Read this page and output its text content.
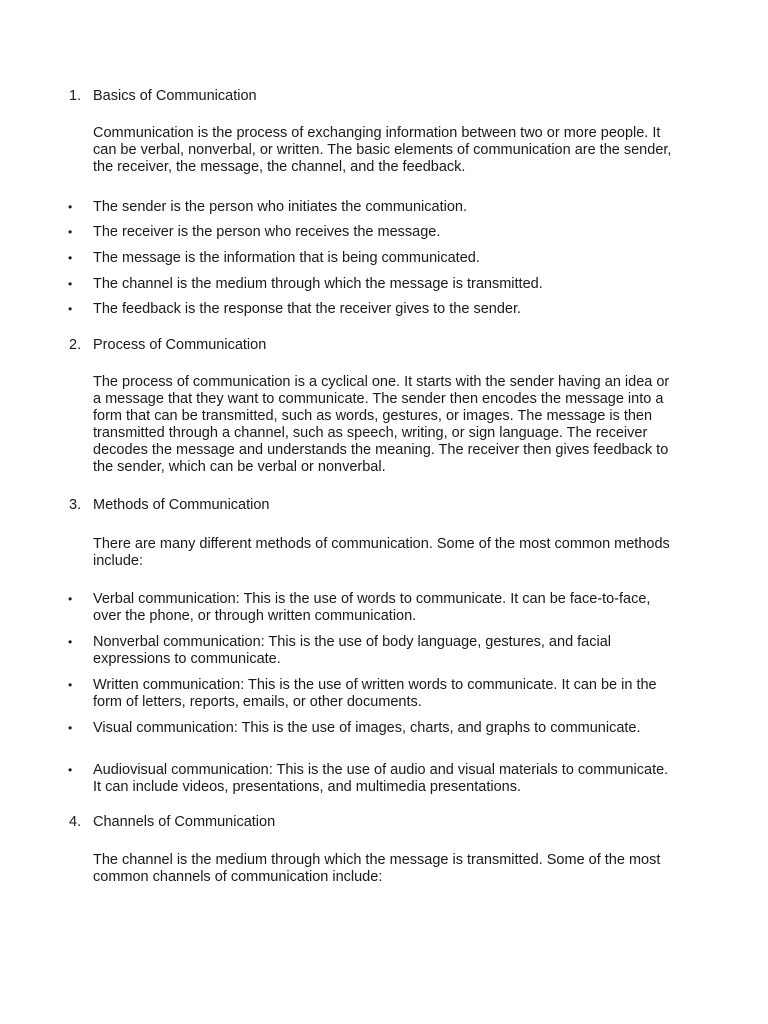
1. Basics of Communication
Communication is the process of exchanging information between two or more people. It can be verbal, nonverbal, or written. The basic elements of communication are the sender, the receiver, the message, the channel, and the feedback.
•	The sender is the person who initiates the communication.
•	The receiver is the person who receives the message.
•	The message is the information that is being communicated.
•	The channel is the medium through which the message is transmitted.
•	The feedback is the response that the receiver gives to the sender.
2. Process of Communication
The process of communication is a cyclical one. It starts with the sender having an idea or a message that they want to communicate. The sender then encodes the message into a form that can be transmitted, such as words, gestures, or images. The message is then transmitted through a channel, such as speech, writing, or sign language. The receiver decodes the message and understands the meaning. The receiver then gives feedback to the sender, which can be verbal or nonverbal.
3. Methods of Communication
There are many different methods of communication. Some of the most common methods include:
•	Verbal communication: This is the use of words to communicate. It can be face-to-face, over the phone, or through written communication.
•	Nonverbal communication: This is the use of body language, gestures, and facial expressions to communicate.
•	Written communication: This is the use of written words to communicate. It can be in the form of letters, reports, emails, or other documents.
•	Visual communication: This is the use of images, charts, and graphs to communicate.
•	Audiovisual communication: This is the use of audio and visual materials to communicate. It can include videos, presentations, and multimedia presentations.
4. Channels of Communication
The channel is the medium through which the message is transmitted. Some of the most common channels of communication include:
